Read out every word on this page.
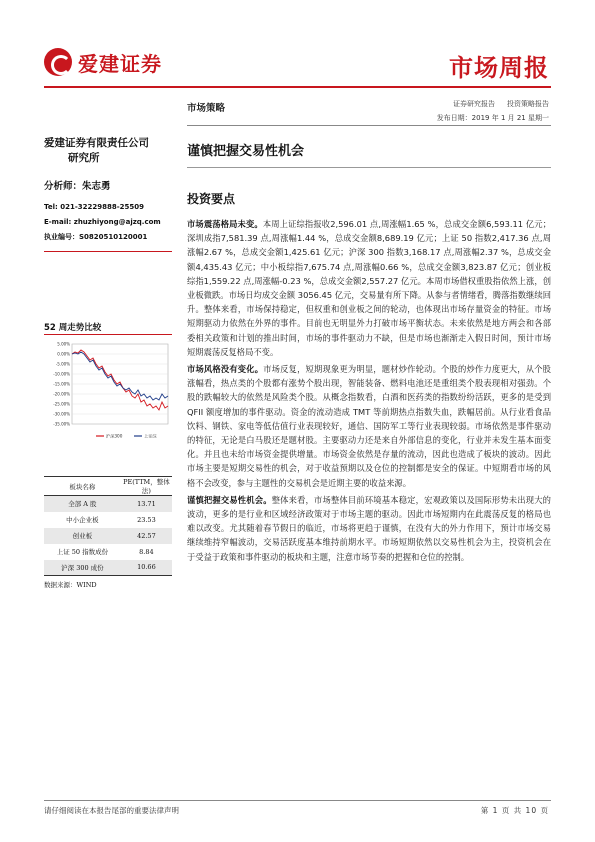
爱建证券	市场周报
市场策略	证券研究报告 投资策略报告
发布日期：2019 年 1 月 21 星期一
爱建证券有限责任公司
研究所
分析师：朱志勇
Tel: 021-32229888-25509
E-mail: zhuzhiyong@ajzq.com
执业编号：S0820510120001
52 周走势比较
5.00%
0.00%
-5.00%
-10.00%
-15.00%
-20.00%
-25.00%
-30.00%
-35.00%
沪深300	上证综
板块名称	PE(TTM，整体法)
全部 A 股	13.71
中小企业板	23.53
创业板	42.57
上证 50 指数成份	8.84
沪深 300 成份	10.66
数据来源：WIND
谨慎把握交易性机会
投资要点

市场震荡格局未变。本周上证综指报收2,596.01 点,周涨幅1.65 %，总成交金额6,593.11 亿元；深圳成指7,581.39 点,周涨幅1.44 %，总成交金额8,689.19 亿元；上证 50 指数2,417.36 点,周涨幅2.67 %，总成交金额1,425.61 亿元；沪深 300 指数3,168.17 点,周涨幅2.37 %，总成交金额4,435.43 亿元；中小板综指7,675.74 点,周涨幅0.66 %，总成交金额3,823.87 亿元；创业板综指1,559.22 点,周涨幅-0.23 %，总成交金额2,557.27 亿元。本周市场借权重股指依然上涨，创业板微跌。市场日均成交金额 3056.45 亿元，交易量有所下降。从参与者情绪看，腾落指数继续回升。整体来看，市场保持稳定，但权重和创业板之间的轮动，也体现出市场存量资金的特征。市场短期驱动力依然在外界的事件。目前也无明显外力打破市场平衡状态。未来依然是地方两会和各部委相关政策和计划的推出时间，市场的事件驱动力不缺，但是市场也渐渐走入假日时间，预计市场短期震荡反复格局不变。

市场风格没有变化。市场反复，短期现象更为明显，题材炒作轮动。个股的炒作力度更大，从个股涨幅看，热点类的个股都有涨势个股出现，智能装备、燃料电池还是重组类个股表现相对强劲。个股的跌幅较大的依然是风险类个股。从概念指数看，白酒和医药类的指数纷纷活跃，更多的是受到 QFII 额度增加的事件驱动。资金的流动造成 TMT 等前期热点指数失血，跌幅居前。从行业看食品饮料、钢铁、家电等低估值行业表现较好，通信、国防军工等行业表现较弱。市场依然是事件驱动的特征，无论是白马股还是题材股。主要驱动力还是来自外部信息的变化，行业并未发生基本面变化。并且也未给市场资金提供增量。市场资金依然是存量的流动，因此也造成了板块的波动。因此市场主要是短期交易性的机会，对于收益预期以及仓位的控制都是安全的保证。中短期看市场的风格不会改变，参与主题性的交易机会是近期主要的收益来源。

谨慎把握交易性机会。整体来看，市场整体目前环境基本稳定，宏观政策以及国际形势未出现大的波动，更多的是行业和区域经济政策对于市场主题的驱动。因此市场短期内在此震荡反复的格局也难以改变。尤其随着春节假日的临近，市场将更趋于谨慎，在没有大的外力作用下，预计市场交易继续维持窄幅波动，交易活跃度基本维持前期水平。市场短期依然以交易性机会为主，投资机会在于受益于政策和事件驱动的板块和主题，注意市场节奏的把握和仓位的控制。

请仔细阅读在本报告尾部的重要法律声明	第 1 页 共 10 页
